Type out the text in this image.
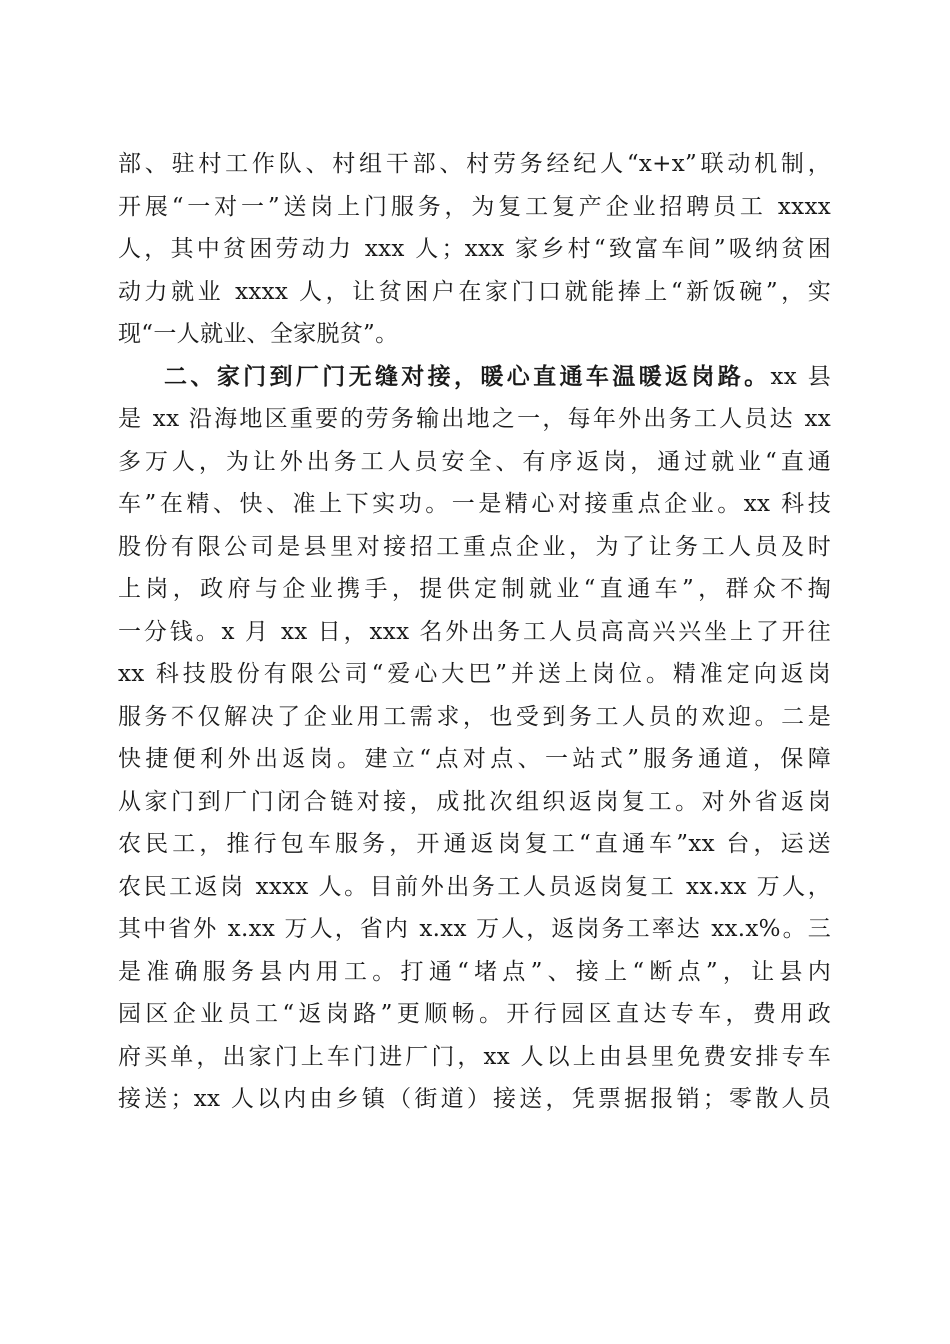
部、驻村工作队、村组干部、村劳务经纪人“x+x”联动机制，
开展“一对一”送岗上门服务，为复工复产企业招聘员工 xxxx
人，其中贫困劳动力 xxx 人；xxx 家乡村“致富车间”吸纳贫困
动力就业 xxxx 人，让贫困户在家门口就能捧上“新饭碗”，实
现“一人就业、全家脱贫”。
二、家门到厂门无缝对接，暖心直通车温暖返岗路。xx 县
是 xx 沿海地区重要的劳务输出地之一，每年外出务工人员达 xx
多万人，为让外出务工人员安全、有序返岗，通过就业“直通
车”在精、快、准上下实功。一是精心对接重点企业。xx 科技
股份有限公司是县里对接招工重点企业，为了让务工人员及时
上岗，政府与企业携手，提供定制就业“直通车”，群众不掏
一分钱。x 月 xx 日，xxx 名外出务工人员高高兴兴坐上了开往
xx 科技股份有限公司“爱心大巴”并送上岗位。精准定向返岗
服务不仅解决了企业用工需求，也受到务工人员的欢迎。二是
快捷便利外出返岗。建立“点对点、一站式”服务通道，保障
从家门到厂门闭合链对接，成批次组织返岗复工。对外省返岗
农民工，推行包车服务，开通返岗复工“直通车”xx 台，运送
农民工返岗 xxxx 人。目前外出务工人员返岗复工 xx.xx 万人，
其中省外 x.xx 万人，省内 x.xx 万人，返岗务工率达 xx.x%。三
是准确服务县内用工。打通“堵点”、接上“断点”，让县内
园区企业员工“返岗路”更顺畅。开行园区直达专车，费用政
府买单，出家门上车门进厂门，xx 人以上由县里免费安排专车
接送；xx 人以内由乡镇（街道）接送，凭票据报销；零散人员
